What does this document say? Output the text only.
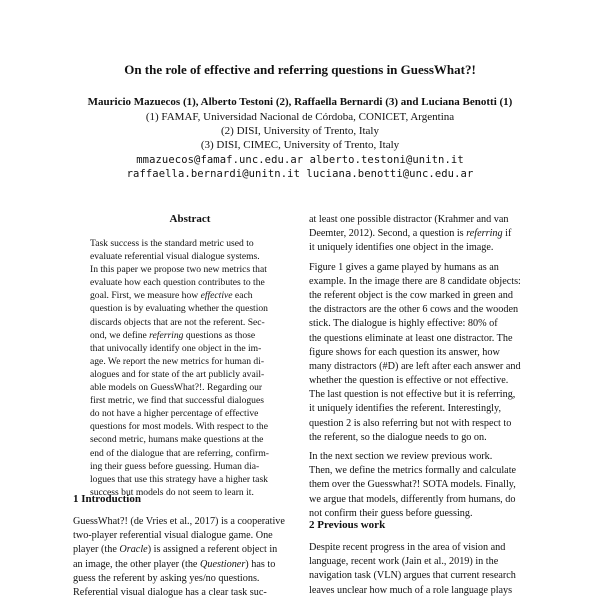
On the role of effective and referring questions in GuessWhat?!
Mauricio Mazuecos (1), Alberto Testoni (2), Raffaella Bernardi (3) and Luciana Benotti (1)
(1) FAMAF, Universidad Nacional de Córdoba, CONICET, Argentina
(2) DISI, University of Trento, Italy
(3) DISI, CIMEC, University of Trento, Italy
mmazuecos@famaf.unc.edu.ar alberto.testoni@unitn.it
raffaella.bernardi@unitn.it luciana.benotti@unc.edu.ar
Abstract
Task success is the standard metric used to
evaluate referential visual dialogue systems.
In this paper we propose two new metrics that
evaluate how each question contributes to the
goal. First, we measure how effective each
question is by evaluating whether the question
discards objects that are not the referent. Sec-
ond, we define referring questions as those
that univocally identify one object in the im-
age. We report the new metrics for human di-
alogues and for state of the art publicly avail-
able models on GuessWhat?!. Regarding our
first metric, we find that successful dialogues
do not have a higher percentage of effective
questions for most models. With respect to the
second metric, humans make questions at the
end of the dialogue that are referring, confirm-
ing their guess before guessing. Human dia-
logues that use this strategy have a higher task
success but models do not seem to learn it.
1 Introduction
GuessWhat?! (de Vries et al., 2017) is a cooperative
two-player referential visual dialogue game. One
player (the Oracle) is assigned a referent object in
an image, the other player (the Questioner) has to
guess the referent by asking yes/no questions.
Referential visual dialogue has a clear task suc-
at least one possible distractor (Krahmer and van
Deemter, 2012). Second, a question is referring if
it uniquely identifies one object in the image.
Figure 1 gives a game played by humans as an
example. In the image there are 8 candidate objects:
the referent object is the cow marked in green and
the distractors are the other 6 cows and the wooden
stick. The dialogue is highly effective: 80% of
the questions eliminate at least one distractor. The
figure shows for each question its answer, how
many distractors (#D) are left after each answer and
whether the question is effective or not effective.
The last question is not effective but it is referring,
it uniquely identifies the referent. Interestingly,
question 2 is also referring but not with respect to
the referent, so the dialogue needs to go on.
In the next section we review previous work.
Then, we define the metrics formally and calculate
them over the Guesswhat?! SOTA models. Finally,
we argue that models, differently from humans, do
not confirm their guess before guessing.
2 Previous work
Despite recent progress in the area of vision and
language, recent work (Jain et al., 2019) in the
navigation task (VLN) argues that current research
leaves unclear how much of a role language plays
